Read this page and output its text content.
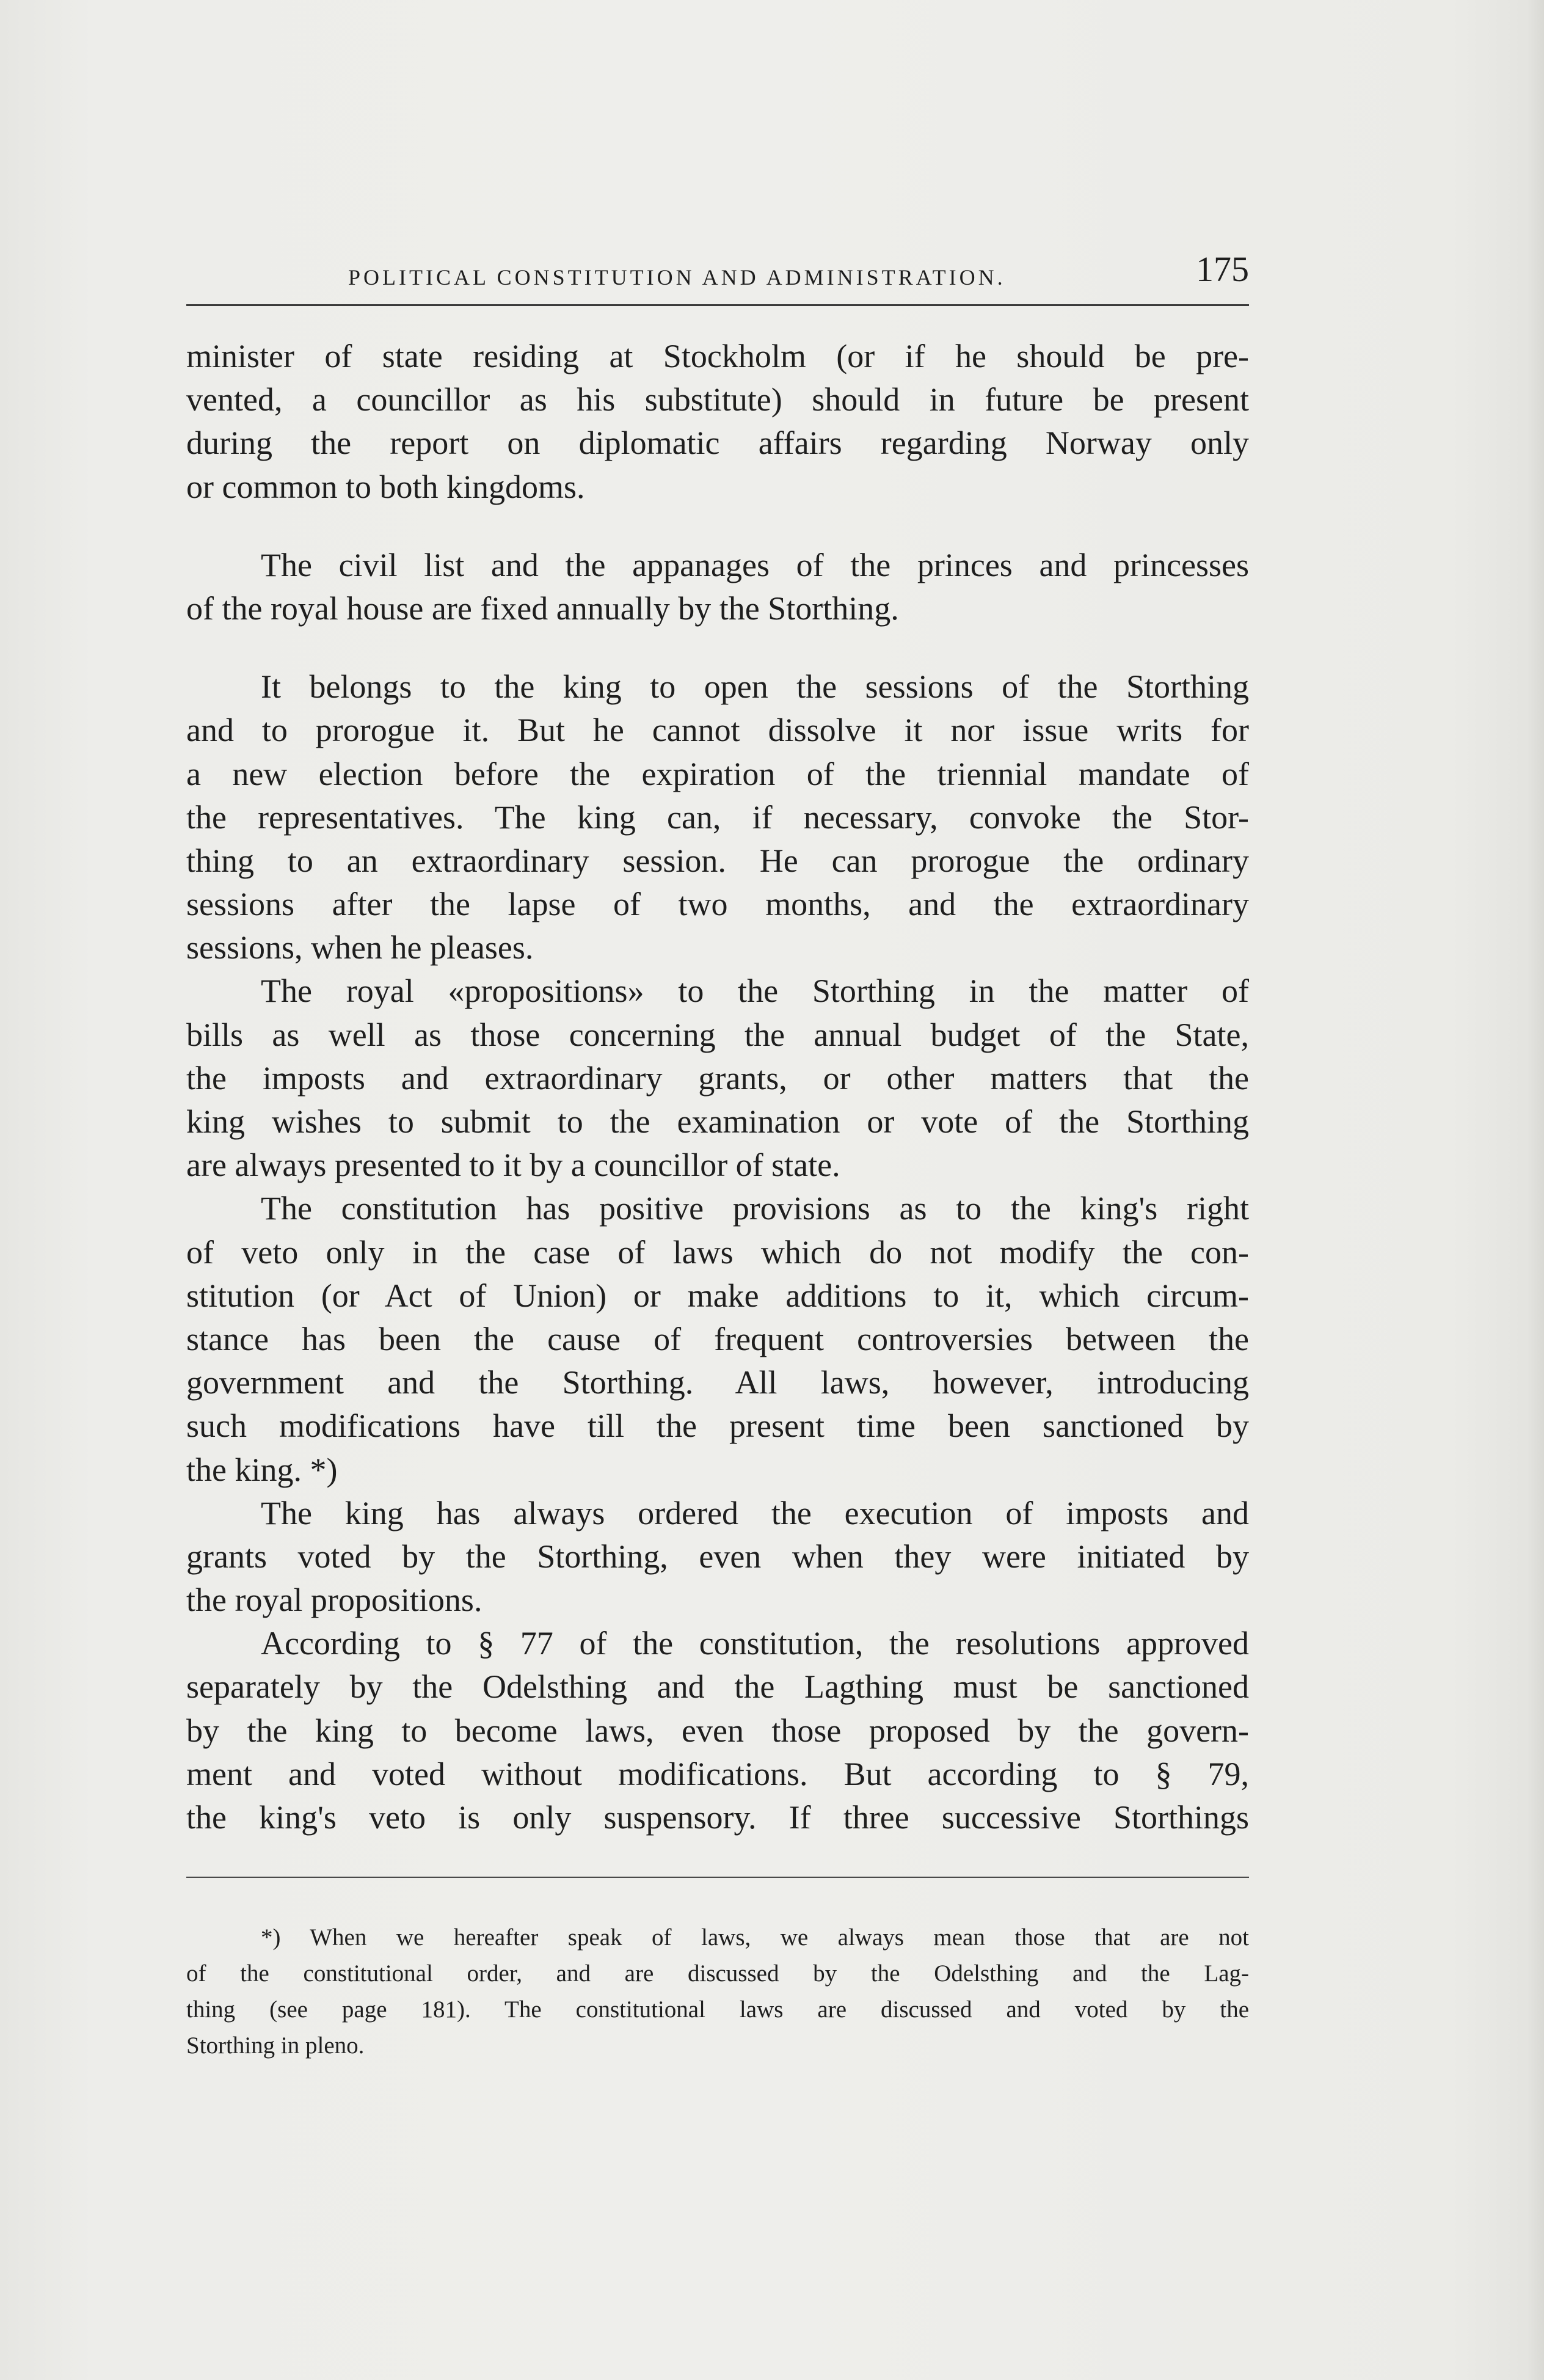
POLITICAL CONSTITUTION AND ADMINISTRATION.	175
minister of state residing at Stockholm (or if he should be pre-
vented, a councillor as his substitute) should in future be present
during the report on diplomatic affairs regarding Norway only
or common to both kingdoms.
The civil list and the appanages of the princes and princesses
of the royal house are fixed annually by the Storthing.
It belongs to the king to open the sessions of the Storthing
and to prorogue it. But he cannot dissolve it nor issue writs for
a new election before the expiration of the triennial mandate of
the representatives. The king can, if necessary, convoke the Stor-
thing to an extraordinary session. He can prorogue the ordinary
sessions after the lapse of two months, and the extraordinary
sessions, when he pleases.
The royal «propositions» to the Storthing in the matter of
bills as well as those concerning the annual budget of the State,
the imposts and extraordinary grants, or other matters that the
king wishes to submit to the examination or vote of the Storthing
are always presented to it by a councillor of state.
The constitution has positive provisions as to the king's right
of veto only in the case of laws which do not modify the con-
stitution (or Act of Union) or make additions to it, which circum-
stance has been the cause of frequent controversies between the
government and the Storthing. All laws, however, introducing
such modifications have till the present time been sanctioned by
the king. *)
The king has always ordered the execution of imposts and
grants voted by the Storthing, even when they were initiated by
the royal propositions.
According to § 77 of the constitution, the resolutions approved
separately by the Odelsthing and the Lagthing must be sanctioned
by the king to become laws, even those proposed by the govern-
ment and voted without modifications. But according to § 79,
the king's veto is only suspensory. If three successive Storthings
*) When we hereafter speak of laws, we always mean those that are not
of the constitutional order, and are discussed by the Odelsthing and the Lag-
thing (see page 181). The constitutional laws are discussed and voted by the
Storthing in pleno.
